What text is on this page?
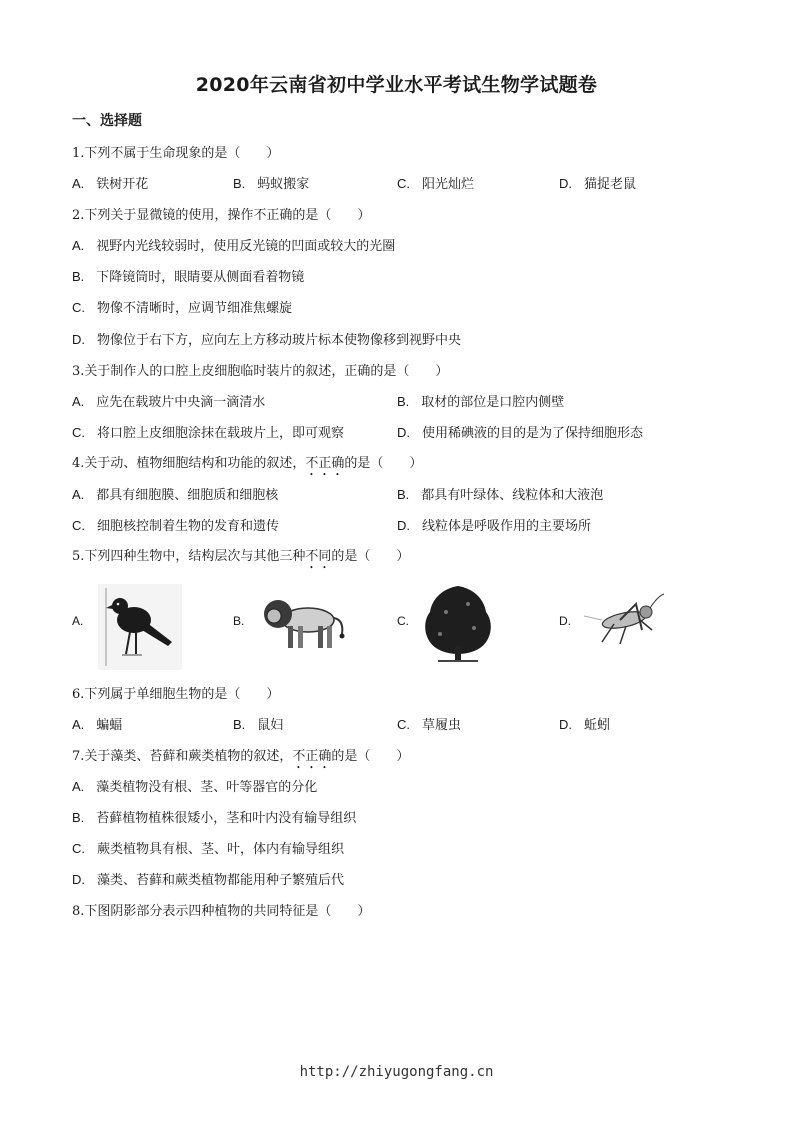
2020年云南省初中学业水平考试生物学试题卷
一、选择题
1.下列不属于生命现象的是（　　）
A. 铁树开花	B. 蚂蚁搬家	C. 阳光灿烂	D. 猫捉老鼠
2.下列关于显微镜的使用，操作不正确的是（　　）
A. 视野内光线较弱时，使用反光镜的凹面或较大的光圈
B. 下降镜筒时，眼睛要从侧面看着物镜
C. 物像不清晰时，应调节细准焦螺旋
D. 物像位于右下方，应向左上方移动玻片标本使物像移到视野中央
3.关于制作人的口腔上皮细胞临时装片的叙述，正确的是（　　）
A. 应先在载玻片中央滴一滴清水	B. 取材的部位是口腔内侧壁
C. 将口腔上皮细胞涂抹在载玻片上，即可观察	D. 使用稀碘液的目的是为了保持细胞形态
4.关于动、植物细胞结构和功能的叙述，不正确的是（　　）
A. 都具有细胞膜、细胞质和细胞核	B. 都具有叶绿体、线粒体和大液泡
C. 细胞核控制着生物的发育和遗传	D. 线粒体是呼吸作用的主要场所
5.下列四种生物中，结构层次与其他三种不同的是（　　）
A.	B.	C.	D.
6.下列属于单细胞生物的是（　　）
A. 蝙蝠	B. 鼠妇	C. 草履虫	D. 蚯蚓
7.关于藻类、苔藓和蕨类植物的叙述，不正确的是（　　）
A. 藻类植物没有根、茎、叶等器官的分化
B. 苔藓植物植株很矮小，茎和叶内没有输导组织
C. 蕨类植物具有根、茎、叶，体内有输导组织
D. 藻类、苔藓和蕨类植物都能用种子繁殖后代
8.下图阴影部分表示四种植物的共同特征是（　　）
http://zhiyugongfang.cn
